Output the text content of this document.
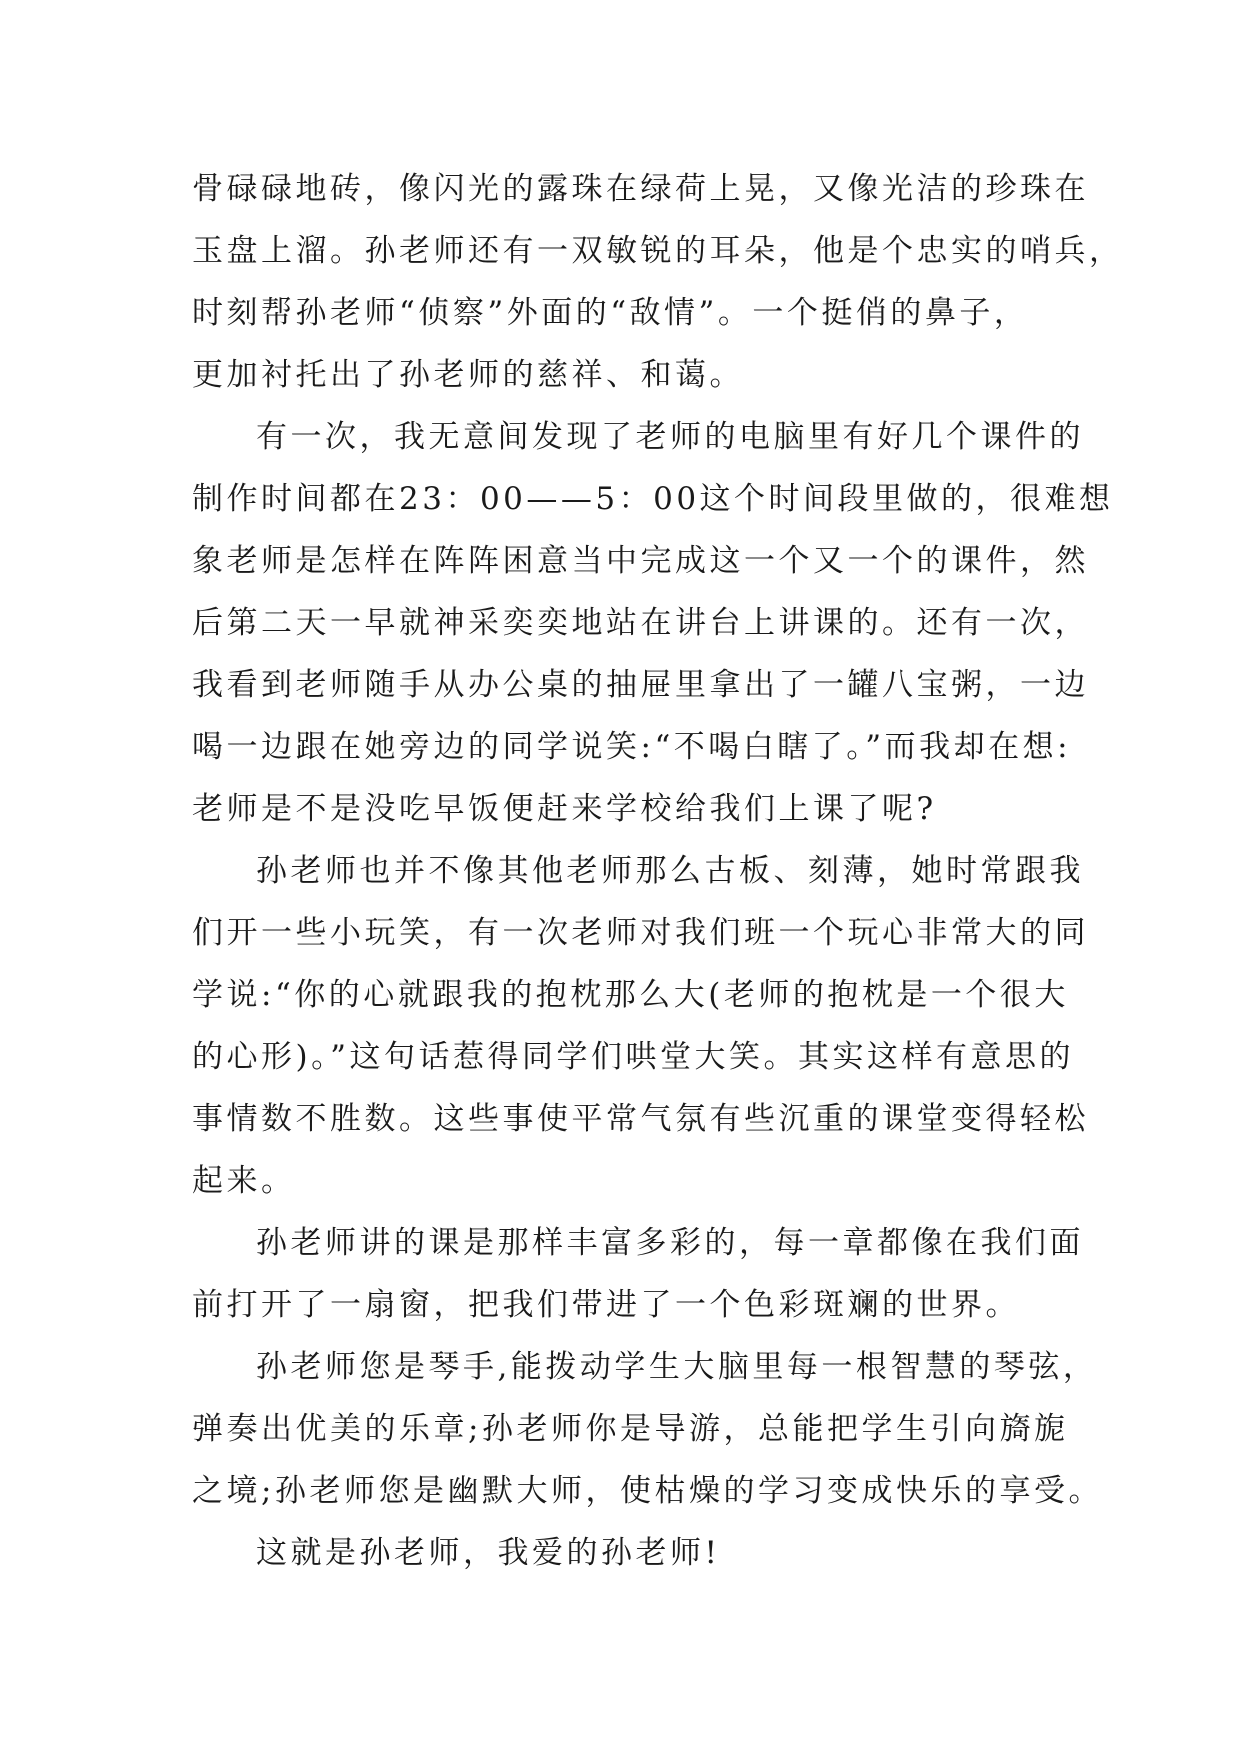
骨碌碌地砖，像闪光的露珠在绿荷上晃，又像光洁的珍珠在
玉盘上溜。孙老师还有一双敏锐的耳朵，他是个忠实的哨兵，
时刻帮孙老师“侦察”外面的“敌情”。一个挺俏的鼻子，
更加衬托出了孙老师的慈祥、和蔼。
有一次，我无意间发现了老师的电脑里有好几个课件的
制作时间都在23：00——5：00这个时间段里做的，很难想
象老师是怎样在阵阵困意当中完成这一个又一个的课件，然
后第二天一早就神采奕奕地站在讲台上讲课的。还有一次，
我看到老师随手从办公桌的抽屉里拿出了一罐八宝粥，一边
喝一边跟在她旁边的同学说笑:“不喝白瞎了。”而我却在想:
老师是不是没吃早饭便赶来学校给我们上课了呢?
孙老师也并不像其他老师那么古板、刻薄，她时常跟我
们开一些小玩笑，有一次老师对我们班一个玩心非常大的同
学说:“你的心就跟我的抱枕那么大(老师的抱枕是一个很大
的心形)。”这句话惹得同学们哄堂大笑。其实这样有意思的
事情数不胜数。这些事使平常气氛有些沉重的课堂变得轻松
起来。
孙老师讲的课是那样丰富多彩的，每一章都像在我们面
前打开了一扇窗，把我们带进了一个色彩斑斓的世界。
孙老师您是琴手,能拨动学生大脑里每一根智慧的琴弦，
弹奏出优美的乐章;孙老师你是导游，总能把学生引向旖旎
之境;孙老师您是幽默大师，使枯燥的学习变成快乐的享受。
这就是孙老师，我爱的孙老师!
